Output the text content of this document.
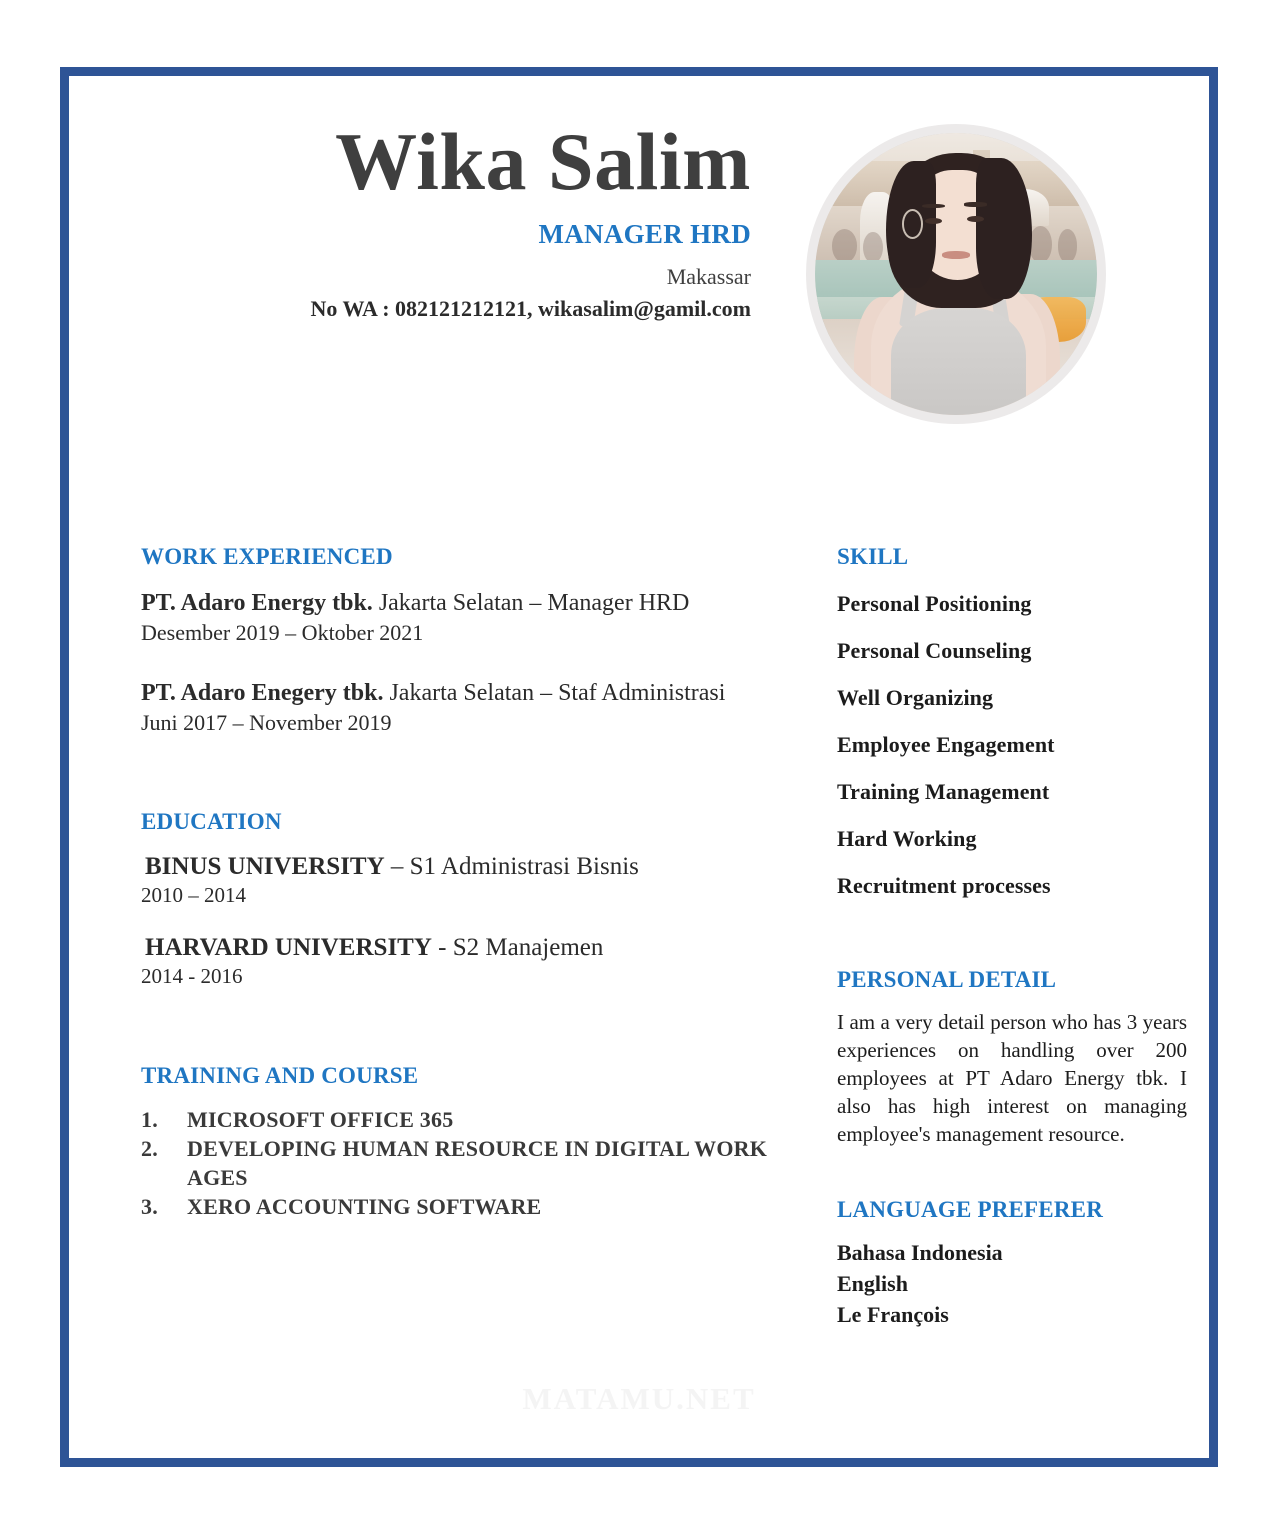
Wika Salim
MANAGER HRD
Makassar
No WA : 082121212121, wikasalim@gamil.com
WORK EXPERIENCED
PT. Adaro Energy tbk. Jakarta Selatan – Manager HRD
Desember 2019 – Oktober 2021
PT. Adaro Enegery tbk. Jakarta Selatan – Staf Administrasi
Juni 2017 – November 2019
EDUCATION
BINUS UNIVERSITY – S1 Administrasi Bisnis
2010 – 2014
HARVARD UNIVERSITY - S2 Manajemen
2014 - 2016
TRAINING AND COURSE
MICROSOFT OFFICE 365
DEVELOPING HUMAN RESOURCE IN DIGITAL WORK AGES
XERO ACCOUNTING SOFTWARE
SKILL
Personal Positioning
Personal Counseling
Well Organizing
Employee Engagement
Training Management
Hard Working
Recruitment processes
PERSONAL DETAIL
I am a very detail person who has 3 years experiences on handling over 200 employees at PT Adaro Energy tbk. I also has high interest on managing employee's management resource.
LANGUAGE PREFERER
Bahasa Indonesia
English
Le François
MATAMU.NET
